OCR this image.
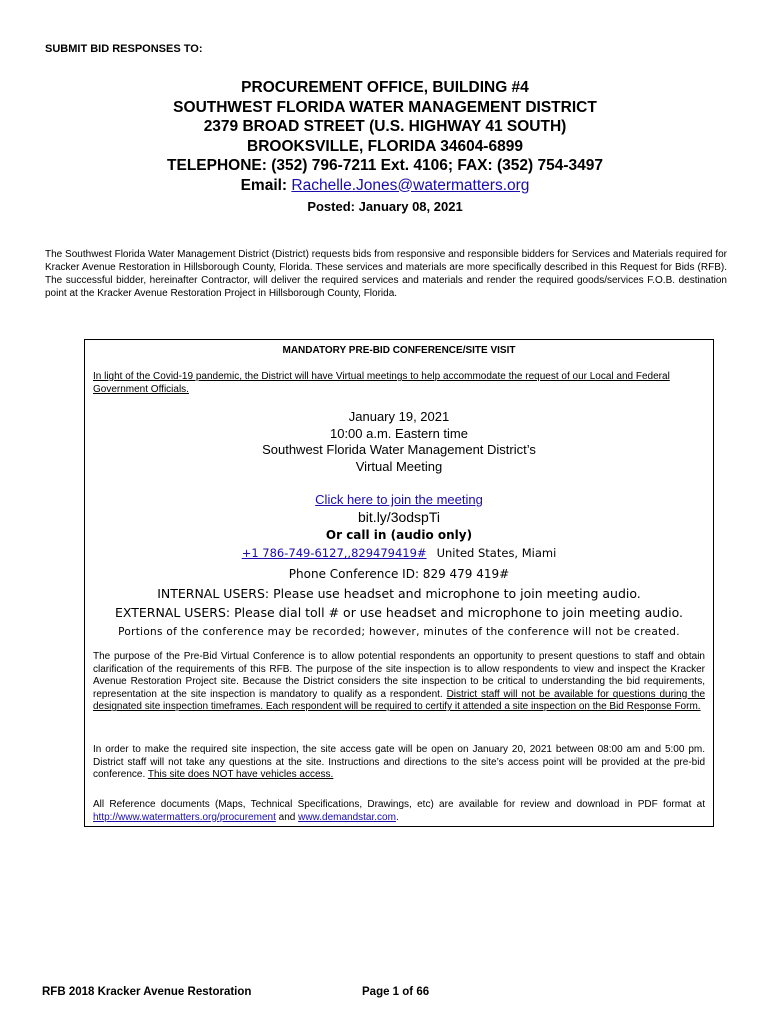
SUBMIT BID RESPONSES TO:
PROCUREMENT OFFICE, BUILDING #4
SOUTHWEST FLORIDA WATER MANAGEMENT DISTRICT
2379 BROAD STREET (U.S. HIGHWAY 41 SOUTH)
BROOKSVILLE, FLORIDA 34604-6899
TELEPHONE: (352) 796-7211 Ext. 4106; FAX: (352) 754-3497
Email: Rachelle.Jones@watermatters.org
Posted: January 08, 2021
The Southwest Florida Water Management District (District) requests bids from responsive and responsible bidders for Services and Materials required for Kracker Avenue Restoration in Hillsborough County, Florida. These services and materials are more specifically described in this Request for Bids (RFB). The successful bidder, hereinafter Contractor, will deliver the required services and materials and render the required goods/services F.O.B. destination point at the Kracker Avenue Restoration Project in Hillsborough County, Florida.
MANDATORY PRE-BID CONFERENCE/SITE VISIT
In light of the Covid-19 pandemic, the District will have Virtual meetings to help accommodate the request of our Local and Federal Government Officials.
January 19, 2021
10:00 a.m. Eastern time
Southwest Florida Water Management District’s
Virtual Meeting
Click here to join the meeting
bit.ly/3odspTi
Or call in (audio only)
+1 786-749-6127,,829479419# United States, Miami
Phone Conference ID: 829 479 419#
INTERNAL USERS: Please use headset and microphone to join meeting audio.
EXTERNAL USERS: Please dial toll # or use headset and microphone to join meeting audio.
Portions of the conference may be recorded; however, minutes of the conference will not be created.
The purpose of the Pre-Bid Virtual Conference is to allow potential respondents an opportunity to present questions to staff and obtain clarification of the requirements of this RFB. The purpose of the site inspection is to allow respondents to view and inspect the Kracker Avenue Restoration Project site. Because the District considers the site inspection to be critical to understanding the bid requirements, representation at the site inspection is mandatory to qualify as a respondent. District staff will not be available for questions during the designated site inspection timeframes. Each respondent will be required to certify it attended a site inspection on the Bid Response Form.
In order to make the required site inspection, the site access gate will be open on January 20, 2021 between 08:00 am and 5:00 pm. District staff will not take any questions at the site. Instructions and directions to the site’s access point will be provided at the pre-bid conference. This site does NOT have vehicles access.
All Reference documents (Maps, Technical Specifications, Drawings, etc) are available for review and download in PDF format at http://www.watermatters.org/procurement and www.demandstar.com.
RFB 2018 Kracker Avenue Restoration	Page 1 of 66
